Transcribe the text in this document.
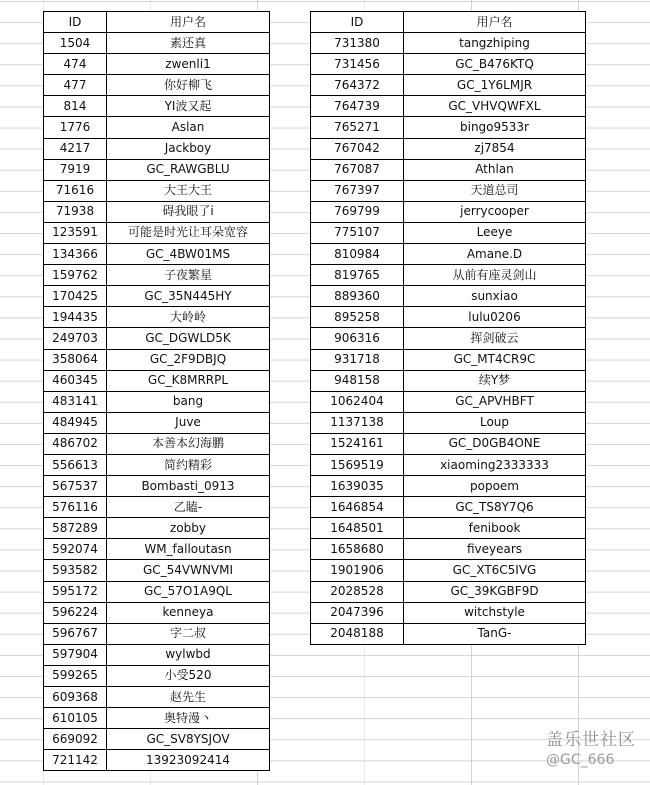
ID	用户名
1504	素还真
474	zwenli1
477	你好柳飞
814	YI波又起
1776	Aslan
4217	Jackboy
7919	GC_RAWGBLU
71616	大王大王
71938	碍我眼了i
123591	可能是时光让耳朵宽容
134366	GC_4BW01MS
159762	子夜繁星
170425	GC_35N445HY
194435	大岭岭
249703	GC_DGWLD5K
358064	GC_2F9DBJQ
460345	GC_K8MRRPL
483141	bang
484945	Juve
486702	本善本幻海鹏
556613	简约精彩
567537	Bombasti_0913
576116	乙瞌-
587289	zobby
592074	WM_falloutasn
593582	GC_54VWNVMI
595172	GC_57O1A9QL
596224	kenneya
596767	字二叔
597904	wylwbd
599265	小受520
609368	赵先生
610105	奥特漫丶
669092	GC_SV8YSJOV
721142	13923092414
ID	用户名
731380	tangzhiping
731456	GC_B476KTQ
764372	GC_1Y6LMJR
764739	GC_VHVQWFXL
765271	bingo9533r
767042	zj7854
767087	Athlan
767397	天道总司
769799	jerrycooper
775107	Leeye
810984	Amane.D
819765	从前有座灵剑山
889360	sunxiao
895258	lulu0206
906316	挥剑破云
931718	GC_MT4CR9C
948158	续Y梦
1062404	GC_APVHBFT
1137138	Loup
1524161	GC_D0GB4ONE
1569519	xiaoming2333333
1639035	popoem
1646854	GC_TS8Y7Q6
1648501	fenibook
1658680	fiveyears
1901906	GC_XT6C5IVG
2028528	GC_39KGBF9D
2047396	witchstyle
2048188	TanG-
盖乐世社区
@GC_666
